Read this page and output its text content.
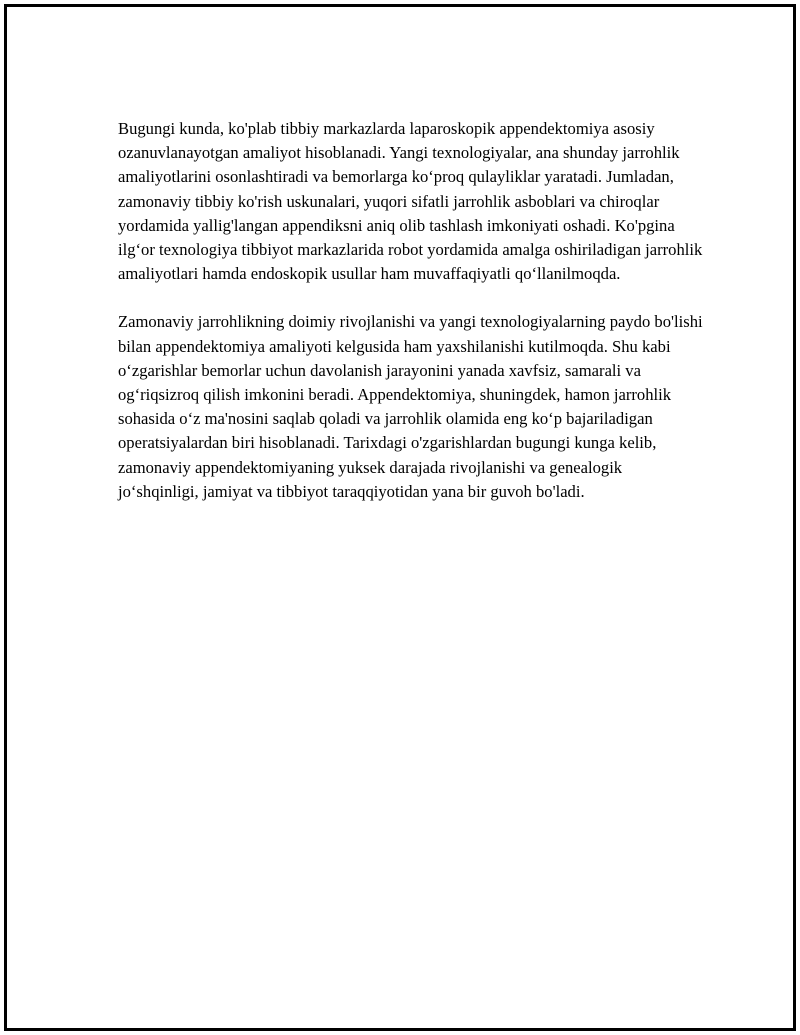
Bugungi kunda, ko'plab tibbiy markazlarda laparoskopik appendektomiya asosiy ozanuvlanayotgan amaliyot hisoblanadi. Yangi texnologiyalar, ana shunday jarrohlik amaliyotlarini osonlashtiradi va bemorlarga ko‘proq qulayliklar yaratadi. Jumladan, zamonaviy tibbiy ko'rish uskunalari, yuqori sifatli jarrohlik asboblari va chiroqlar yordamida yallig'langan appendiksni aniq olib tashlash imkoniyati oshadi. Ko'pgina ilg‘or texnologiya tibbiyot markazlarida robot yordamida amalga oshiriladigan jarrohlik amaliyotlari hamda endoskopik usullar ham muvaffaqiyatli qo‘llanilmoqda.

Zamonaviy jarrohlikning doimiy rivojlanishi va yangi texnologiyalarning paydo bo'lishi bilan appendektomiya amaliyoti kelgusida ham yaxshilanishi kutilmoqda. Shu kabi o‘zgarishlar bemorlar uchun davolanish jarayonini yanada xavfsiz, samarali va og‘riqsizroq qilish imkonini beradi. Appendektomiya, shuningdek, hamon jarrohlik sohasida o‘z ma'nosini saqlab qoladi va jarrohlik olamida eng ko‘p bajariladigan operatsiyalardan biri hisoblanadi. Tarixdagi o'zgarishlardan bugungi kunga kelib, zamonaviy appendektomiyaning yuksek darajada rivojlanishi va genealogik jo‘shqinligi, jamiyat va tibbiyot taraqqiyotidan yana bir guvoh bo'ladi.
